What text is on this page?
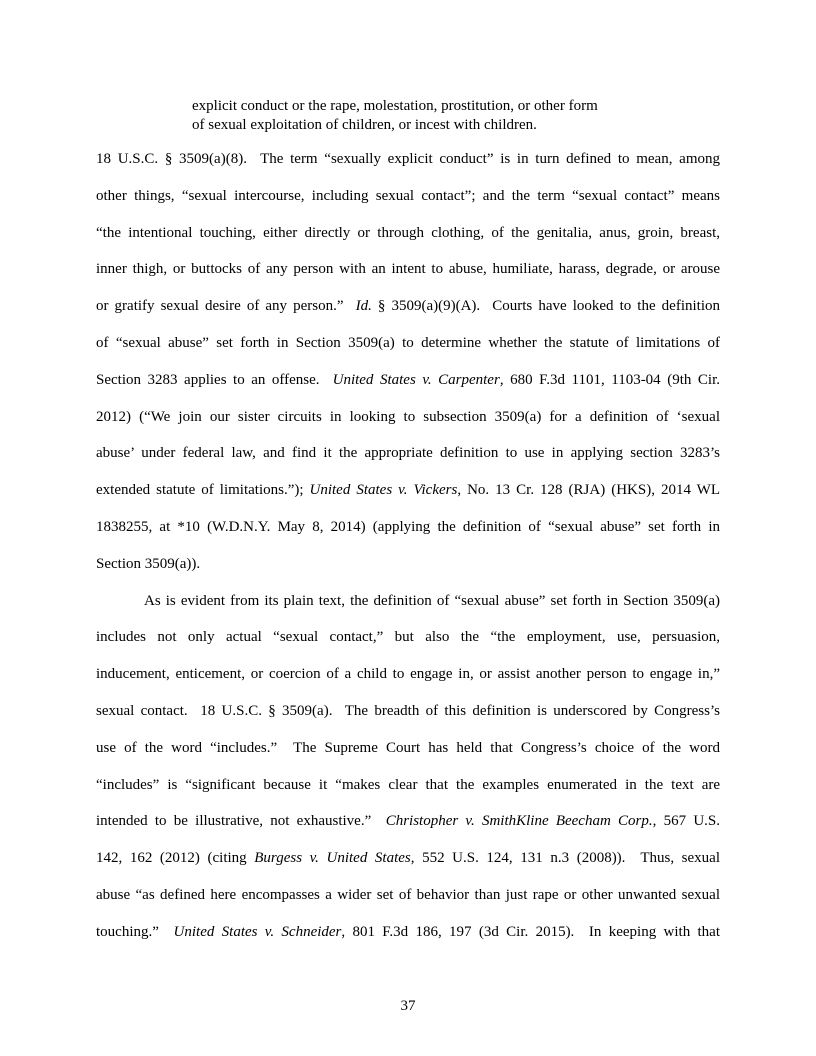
explicit conduct or the rape, molestation, prostitution, or other form
of sexual exploitation of children, or incest with children.
18 U.S.C. § 3509(a)(8).  The term “sexually explicit conduct” is in turn defined to mean, among
other things, “sexual intercourse, including sexual contact”; and the term “sexual contact” means
“the intentional touching, either directly or through clothing, of the genitalia, anus, groin, breast,
inner thigh, or buttocks of any person with an intent to abuse, humiliate, harass, degrade, or arouse
or gratify sexual desire of any person.”  Id. § 3509(a)(9)(A).  Courts have looked to the definition
of “sexual abuse” set forth in Section 3509(a) to determine whether the statute of limitations of
Section 3283 applies to an offense.  United States v. Carpenter, 680 F.3d 1101, 1103-04 (9th Cir.
2012) (“We join our sister circuits in looking to subsection 3509(a) for a definition of ‘sexual
abuse’ under federal law, and find it the appropriate definition to use in applying section 3283’s
extended statute of limitations.”); United States v. Vickers, No. 13 Cr. 128 (RJA) (HKS), 2014 WL
1838255, at *10 (W.D.N.Y. May 8, 2014) (applying the definition of “sexual abuse” set forth in
Section 3509(a)).
As is evident from its plain text, the definition of “sexual abuse” set forth in Section 3509(a)
includes not only actual “sexual contact,” but also the “the employment, use, persuasion,
inducement, enticement, or coercion of a child to engage in, or assist another person to engage in,”
sexual contact.  18 U.S.C. § 3509(a).  The breadth of this definition is underscored by Congress’s
use of the word “includes.”  The Supreme Court has held that Congress’s choice of the word
“includes” is “significant because it “makes clear that the examples enumerated in the text are
intended to be illustrative, not exhaustive.”  Christopher v. SmithKline Beecham Corp., 567 U.S.
142, 162 (2012) (citing Burgess v. United States, 552 U.S. 124, 131 n.3 (2008)).  Thus, sexual
abuse “as defined here encompasses a wider set of behavior than just rape or other unwanted sexual
touching.”  United States v. Schneider, 801 F.3d 186, 197 (3d Cir. 2015).  In keeping with that
37
